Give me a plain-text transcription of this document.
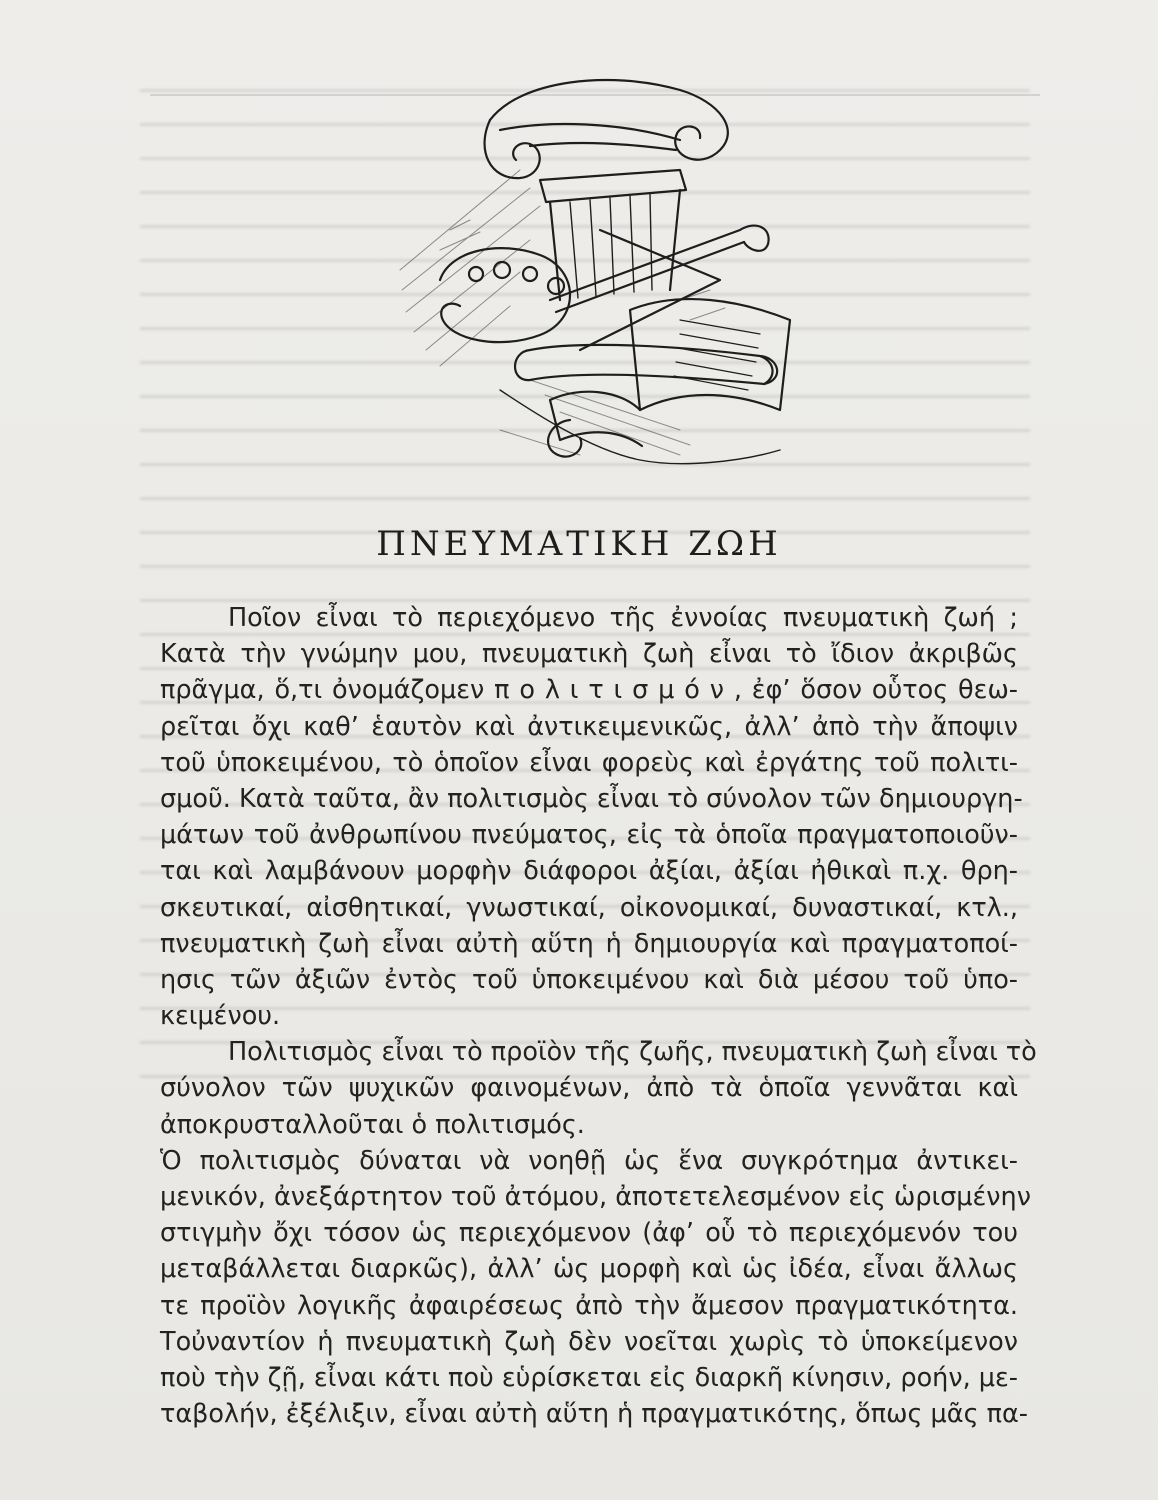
ΠΝΕΥΜΑΤΙΚΗ ΖΩΗ
Ποῖον εἶναι τὸ περιεχόμενο τῆς ἐννοίας πνευματικὴ ζωή ;
Κατὰ τὴν γνώμην μου, πνευματικὴ ζωὴ εἶναι τὸ ἴδιον ἀκριβῶς
πρᾶγμα, ὅ,τι ὀνομάζομεν π ο λ ι τ ι σ μ ό ν , ἐφ’ ὅσον οὗτος θεω-
ρεῖται ὄχι καθ’ ἑαυτὸν καὶ ἀντικειμενικῶς, ἀλλ’ ἀπὸ τὴν ἄποψιν
τοῦ ὑποκειμένου, τὸ ὁποῖον εἶναι φορεὺς καὶ ἐργάτης τοῦ πολιτι-
σμοῦ. Κατὰ ταῦτα, ἂν πολιτισμὸς εἶναι τὸ σύνολον τῶν δημιουργη-
μάτων τοῦ ἀνθρωπίνου πνεύματος, εἰς τὰ ὁποῖα πραγματοποιοῦν-
ται καὶ λαμβάνουν μορφὴν διάφοροι ἀξίαι, ἀξίαι ἠθικαὶ π.χ. θρη-
σκευτικαί, αἰσθητικαί, γνωστικαί, οἰκονομικαί, δυναστικαί, κτλ.,
πνευματικὴ ζωὴ εἶναι αὐτὴ αὕτη ἡ δημιουργία καὶ πραγματοποί-
ησις τῶν ἀξιῶν ἐντὸς τοῦ ὑποκειμένου καὶ διὰ μέσου τοῦ ὑπο-
κειμένου.
Πολιτισμὸς εἶναι τὸ προϊὸν τῆς ζωῆς, πνευματικὴ ζωὴ εἶναι τὸ
σύνολον τῶν ψυχικῶν φαινομένων, ἀπὸ τὰ ὁποῖα γεννᾶται καὶ
ἀποκρυσταλλοῦται ὁ πολιτισμός.
Ὁ πολιτισμὸς δύναται νὰ νοηθῇ ὡς ἕνα συγκρότημα ἀντικει-
μενικόν, ἀνεξάρτητον τοῦ ἀτόμου, ἀποτετελεσμένον εἰς ὡρισμένην
στιγμὴν ὄχι τόσον ὡς περιεχόμενον (ἀφ’ οὗ τὸ περιεχόμενόν του
μεταβάλλεται διαρκῶς), ἀλλ’ ὡς μορφὴ καὶ ὡς ἰδέα, εἶναι ἄλλως
τε προϊὸν λογικῆς ἀφαιρέσεως ἀπὸ τὴν ἄμεσον πραγματικότητα.
Τοὐναντίον ἡ πνευματικὴ ζωὴ δὲν νοεῖται χωρὶς τὸ ὑποκείμενον
ποὺ τὴν ζῇ, εἶναι κάτι ποὺ εὑρίσκεται εἰς διαρκῆ κίνησιν, ροήν, με-
ταβολήν, ἐξέλιξιν, εἶναι αὐτὴ αὕτη ἡ πραγματικότης, ὅπως μᾶς πα-
